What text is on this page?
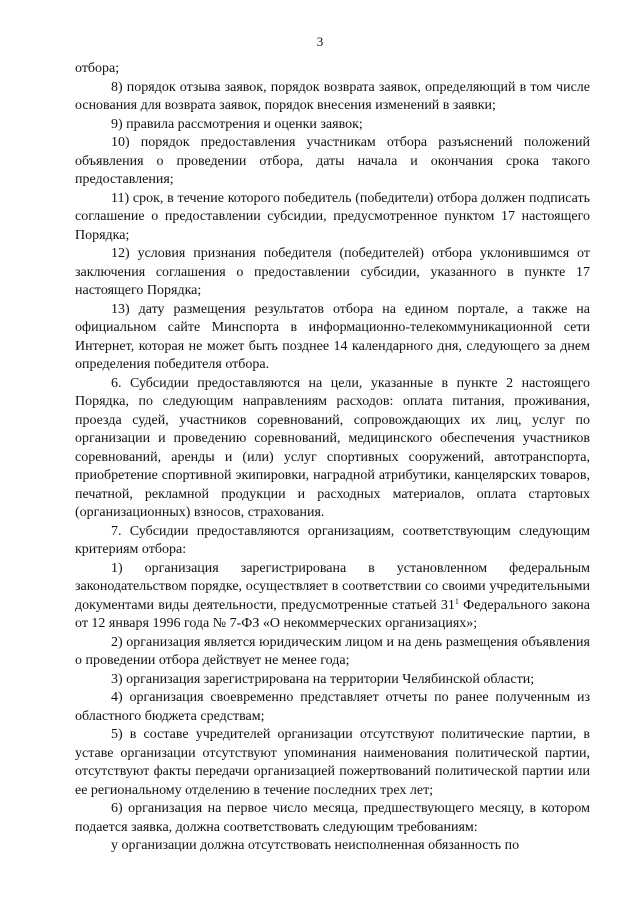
3

отбора;

8) порядок отзыва заявок, порядок возврата заявок, определяющий в том числе основания для возврата заявок, порядок внесения изменений в заявки;

9) правила рассмотрения и оценки заявок;

10) порядок предоставления участникам отбора разъяснений положений объявления о проведении отбора, даты начала и окончания срока такого предоставления;

11) срок, в течение которого победитель (победители) отбора должен подписать соглашение о предоставлении субсидии, предусмотренное пунктом 17 настоящего Порядка;

12) условия признания победителя (победителей) отбора уклонившимся от заключения соглашения о предоставлении субсидии, указанного в пункте 17 настоящего Порядка;

13) дату размещения результатов отбора на едином портале, а также на официальном сайте Минспорта в информационно-телекоммуникационной сети Интернет, которая не может быть позднее 14 календарного дня, следующего за днем определения победителя отбора.

6. Субсидии предоставляются на цели, указанные в пункте 2 настоящего Порядка, по следующим направлениям расходов: оплата питания, проживания, проезда судей, участников соревнований, сопровождающих их лиц, услуг по организации и проведению соревнований, медицинского обеспечения участников соревнований, аренды и (или) услуг спортивных сооружений, автотранспорта, приобретение спортивной экипировки, наградной атрибутики, канцелярских товаров, печатной, рекламной продукции и расходных материалов, оплата стартовых (организационных) взносов, страхования.

7. Субсидии предоставляются организациям, соответствующим следующим критериям отбора:

1) организация зарегистрирована в установленном федеральным законодательством порядке, осуществляет в соответствии со своими учредительными документами виды деятельности, предусмотренные статьей $31^1$ Федерального закона от 12 января 1996 года № 7-ФЗ «О некоммерческих организациях»;

2) организация является юридическим лицом и на день размещения объявления о проведении отбора действует не менее года;

3) организация зарегистрирована на территории Челябинской области;

4) организация своевременно представляет отчеты по ранее полученным из областного бюджета средствам;

5) в составе учредителей организации отсутствуют политические партии, в уставе организации отсутствуют упоминания наименования политической партии, отсутствуют факты передачи организацией пожертвований политической партии или ее региональному отделению в течение последних трех лет;

6) организация на первое число месяца, предшествующего месяцу, в котором подается заявка, должна соответствовать следующим требованиям:

у организации должна отсутствовать неисполненная обязанность по
